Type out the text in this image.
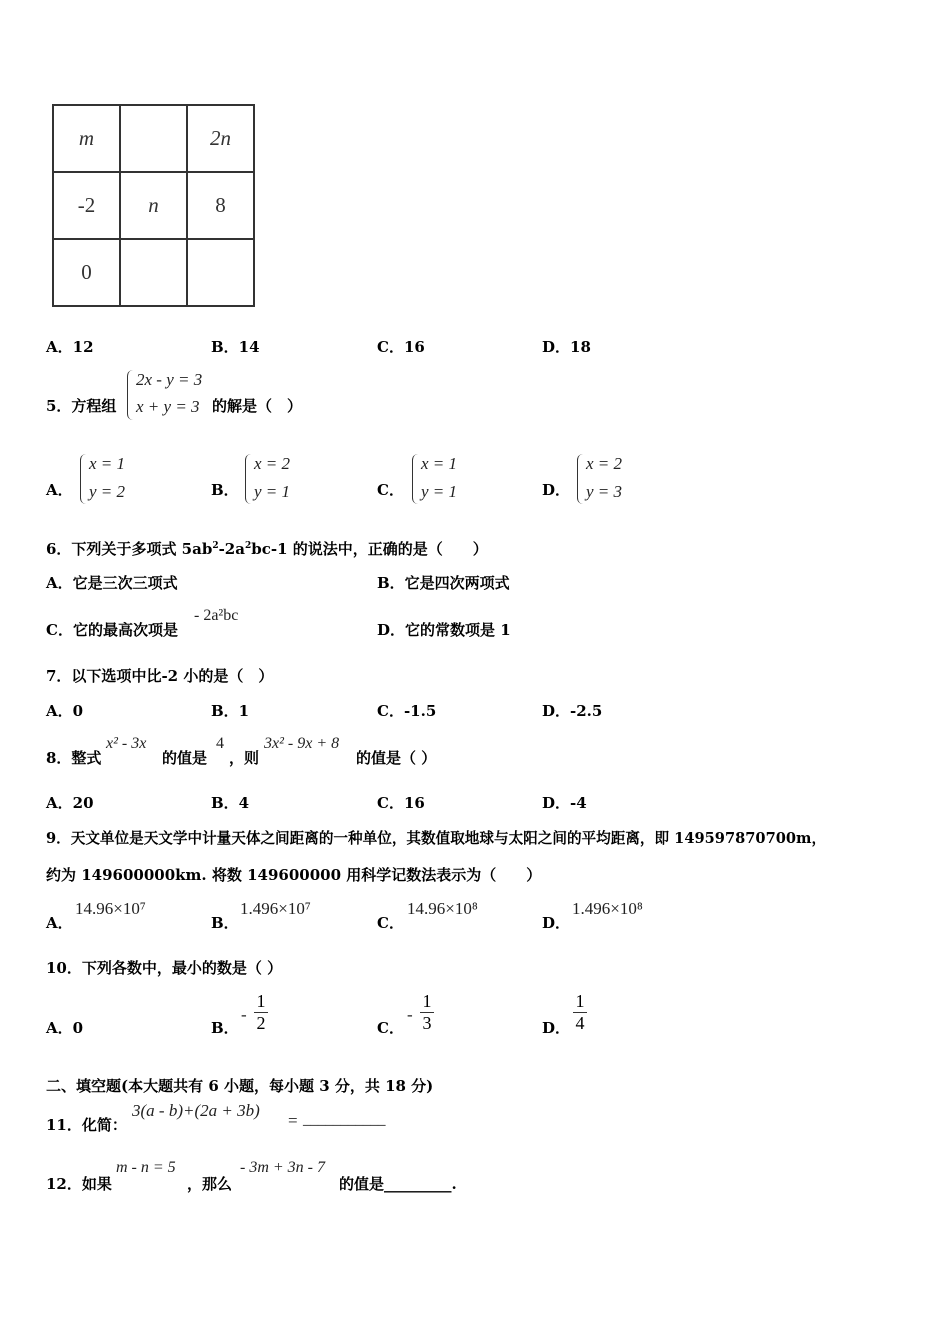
m		2n
-2	n	8
0		
A．12	B．14	C．16	D．18
5．方程组
2x - y = 3
x + y = 3 的解是（　）
A．
x = 1
y = 2	B．
x = 2
y = 1	C．
x = 1
y = 1	D．
x = 2
y = 3
6．下列关于多项式 $5ab^2-2a^2bc-1$ 的说法中，正确的是（　　）
A．它是三次三项式	B．它是四次两项式
C．它的最高次项是
- 2a²bc
D．它的常数项是 1
7．以下选项中比-2 小的是（　）
A．0	B．1	C．-1.5	D．-2.5
8．整式
x² - 3x
的值是
4
，则
3x² - 9x + 8
的值是（ ）
A．20	B．4	C．16	D．-4
9．天文单位是天文学中计量天体之间距离的一种单位，其数值取地球与太阳之间的平均距离，即 149597870700m，
约为 149600000km. 将数 149600000 用科学记数法表示为（　　）
A．
14.96×10⁷
B．
1.496×10⁷
C．
14.96×10⁸
D．
1.496×10⁸
10．下列各数中，最小的数是（ ）
A．0	B．
- $\frac{1}{2}$	C．
- $\frac{1}{3}$	D． $\frac{1}{4}$
二、填空题(本大题共有 6 小题，每小题 3 分，共 18 分)
11．化简：
3(a - b)+(2a + 3b)
= ___________
12．如果
m - n = 5
，那么
- 3m + 3n - 7
的值是_________.
